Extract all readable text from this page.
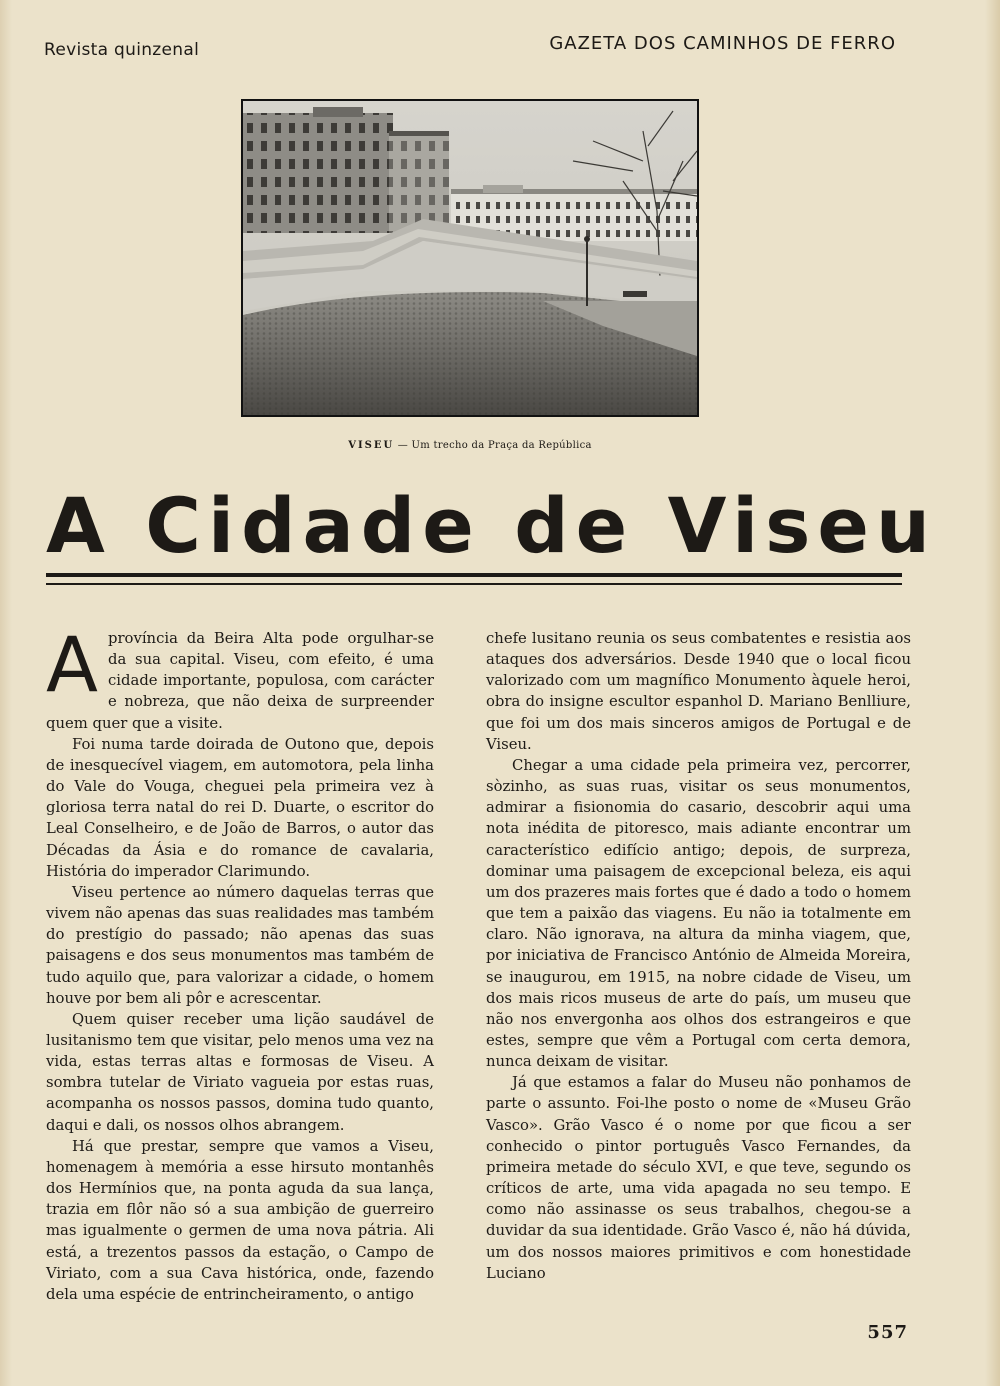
Revista quinzenal	GAZETA DOS CAMINHOS DE FERRO
VISEU — Um trecho da Praça da República
A Cidade de Viseu

Aprovíncia da Beira Alta pode orgulhar-se da sua capital. Viseu, com efeito, é uma cidade importante, populosa, com carácter e nobreza, que não deixa de surpreender quem quer que a visite.

Foi numa tarde doirada de Outono que, depois de inesquecível viagem, em automotora, pela linha do Vale do Vouga, cheguei pela primeira vez à gloriosa terra natal do rei D. Duarte, o escritor do Leal Conselheiro, e de João de Barros, o autor das Décadas da Ásia e do romance de cavalaria, História do imperador Clarimundo.

Viseu pertence ao número daquelas terras que vivem não apenas das suas realidades mas também do prestígio do passado; não apenas das suas paisagens e dos seus monumentos mas também de tudo aquilo que, para valorizar a cidade, o homem houve por bem ali pôr e acrescentar.

Quem quiser receber uma lição saudável de lusitanismo tem que visitar, pelo menos uma vez na vida, estas terras altas e formosas de Viseu. A sombra tutelar de Viriato vagueia por estas ruas, acompanha os nossos passos, domina tudo quanto, daqui e dali, os nossos olhos abrangem.

Há que prestar, sempre que vamos a Viseu, homenagem à memória a esse hirsuto montanhês dos Hermínios que, na ponta aguda da sua lança, trazia em flôr não só a sua ambição de guerreiro mas igualmente o germen de uma nova pátria. Ali está, a trezentos passos da estação, o Campo de Viriato, com a sua Cava histórica, onde, fazendo dela uma espécie de entrincheiramento, o antigo

chefe lusitano reunia os seus combatentes e resistia aos ataques dos adversários. Desde 1940 que o local ficou valorizado com um magnífico Monumento àquele heroi, obra do insigne escultor espanhol D. Mariano Benlliure, que foi um dos mais sinceros amigos de Portugal e de Viseu.

Chegar a uma cidade pela primeira vez, percorrer, sòzinho, as suas ruas, visitar os seus monumentos, admirar a fisionomia do casario, descobrir aqui uma nota inédita de pitoresco, mais adiante encontrar um característico edifício antigo; depois, de surpreza, dominar uma paisagem de excepcional beleza, eis aqui um dos prazeres mais fortes que é dado a todo o homem que tem a paixão das viagens. Eu não ia totalmente em claro. Não ignorava, na altura da minha viagem, que, por iniciativa de Francisco António de Almeida Moreira, se inaugurou, em 1915, na nobre cidade de Viseu, um dos mais ricos museus de arte do país, um museu que não nos envergonha aos olhos dos estrangeiros e que estes, sempre que vêm a Portugal com certa demora, nunca deixam de visitar.

Já que estamos a falar do Museu não ponhamos de parte o assunto. Foi-lhe posto o nome de «Museu Grão Vasco». Grão Vasco é o nome por que ficou a ser conhecido o pintor português Vasco Fernandes, da primeira metade do século XVI, e que teve, segundo os críticos de arte, uma vida apagada no seu tempo. E como não assinasse os seus trabalhos, chegou-se a duvidar da sua identidade. Grão Vasco é, não há dúvida, um dos nossos maiores primitivos e com honestidade Luciano

557
